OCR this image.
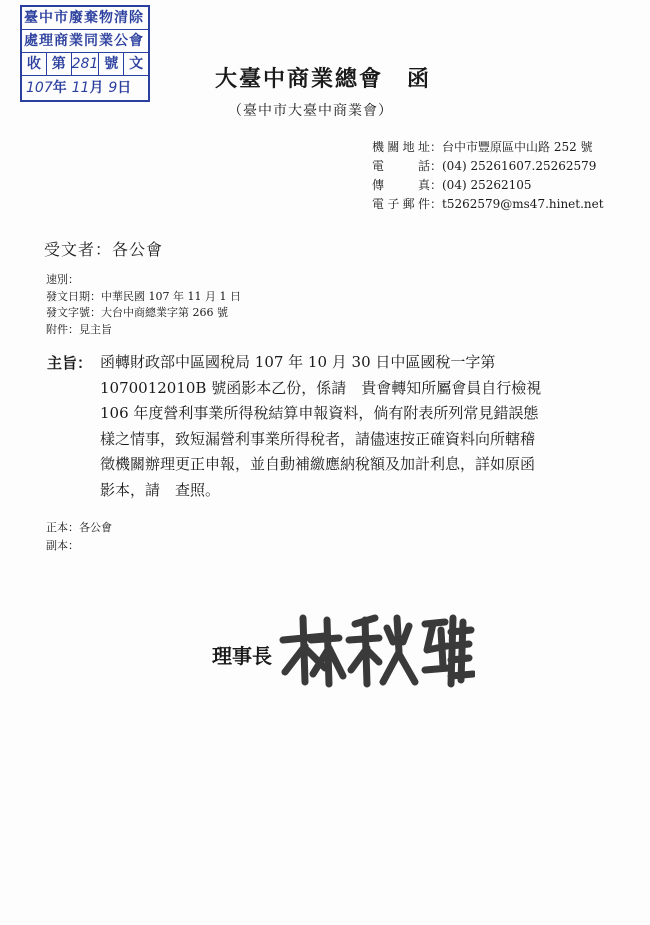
臺中市廢棄物清除
處理商業同業公會
收 第 281 號 文
107年 11月 9日	大臺中商業總會　函
（臺中市大臺中商業會）
機關地址：台中市豐原區中山路 252 號
電　　話：(04) 25261607.25262579
傳　　真：(04) 25262105
電子郵件：t5262579@ms47.hinet.net
受文者：各公會
速別：
發文日期：中華民國 107 年 11 月 1 日
發文字號：大台中商總業字第 266 號
附件：見主旨
主旨： 函轉財政部中區國稅局 107 年 10 月 30 日中區國稅一字第
1070012010B 號函影本乙份，係請　貴會轉知所屬會員自行檢視
106 年度營利事業所得稅結算申報資料，倘有附表所列常見錯誤態
樣之情事，致短漏營利事業所得稅者，請儘速按正確資料向所轄稽
徵機關辦理更正申報，並自動補繳應納稅額及加計利息，詳如原函
影本，請　查照。
正本：各公會
副本：
理事長
